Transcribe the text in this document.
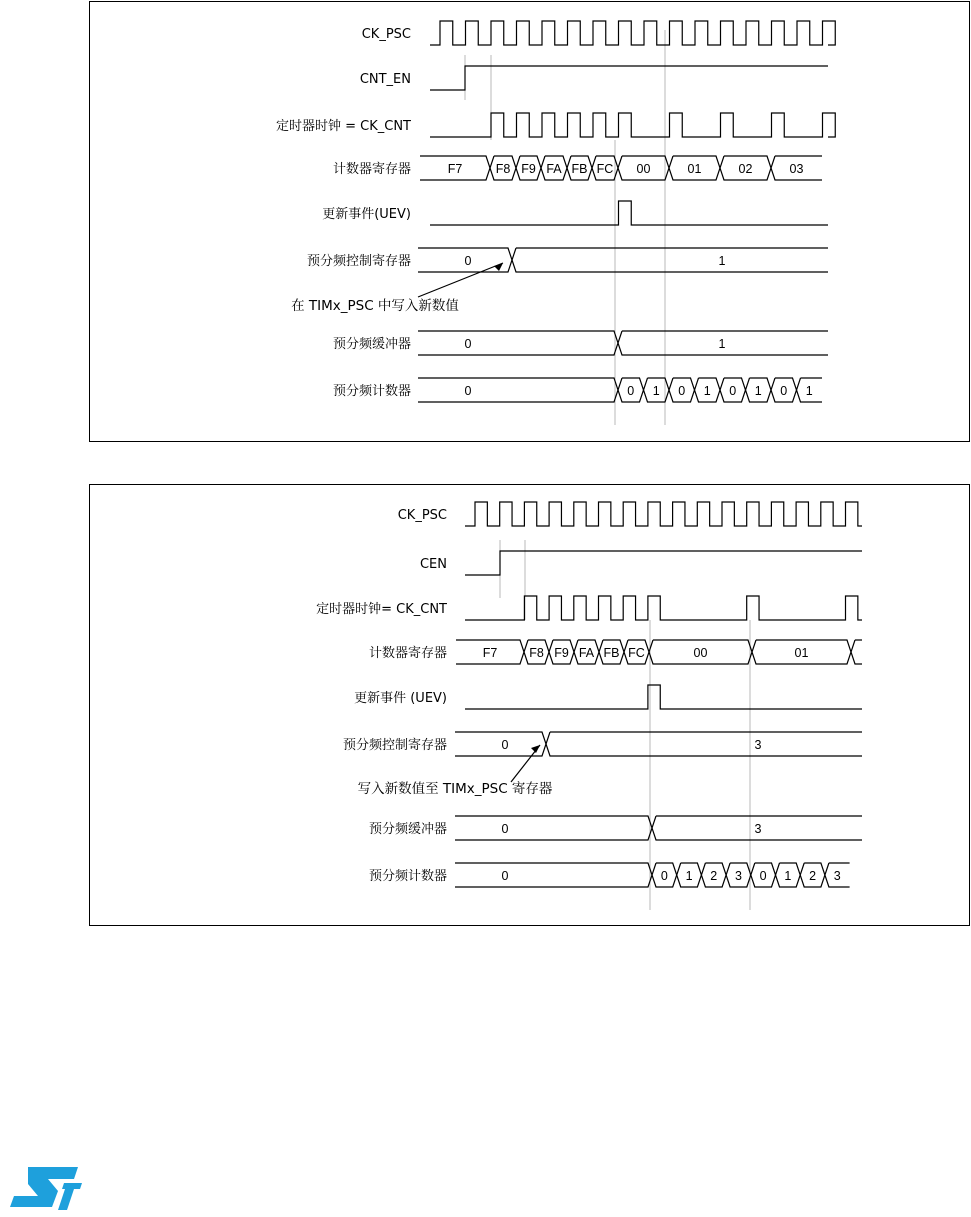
CK_PSC
CNT_EN
定时器时钟 = CK_CNT
计数器寄存器
更新事件(UEV)
预分频控制寄存器
预分频缓冲器
预分频计数器
F7	F8 F9 FA FB FC 00	01	02	03
0	1
在 TIMx_PSC 中写入新数值
0	1
0	0 1 0 1 0 1 0 1
CK_PSC
CEN
定时器时钟= CK_CNT
计数器寄存器
更新事件 (UEV)
预分频控制寄存器
预分频缓冲器
预分频计数器
F7	F8 F9 FA FB FC	00	01
0	3
写入新数值至 TIMx_PSC 寄存器
0	3
0	0 1 2 3 0 1 2 3
